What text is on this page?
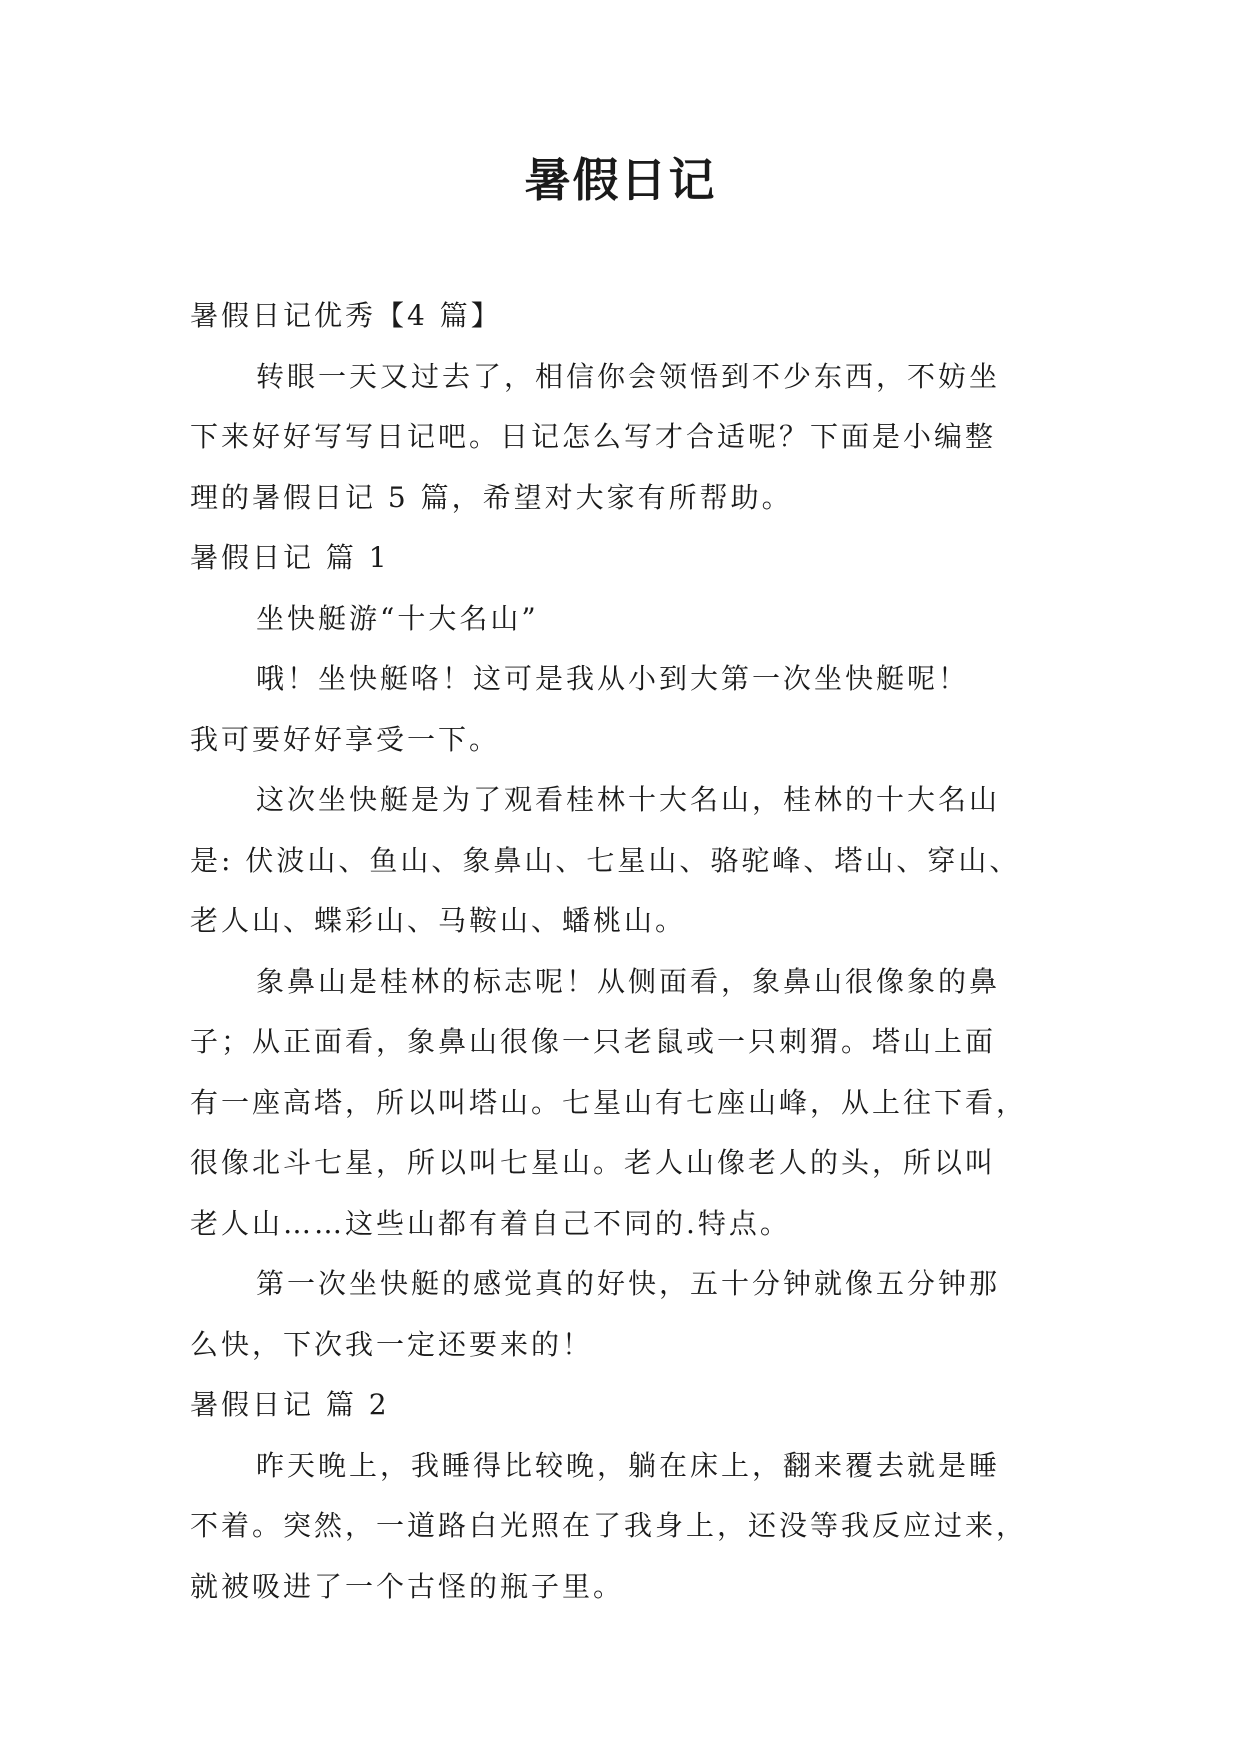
暑假日记
暑假日记优秀【4 篇】
转眼一天又过去了，相信你会领悟到不少东西，不妨坐
下来好好写写日记吧。日记怎么写才合适呢？下面是小编整
理的暑假日记 5 篇，希望对大家有所帮助。
暑假日记 篇 1
坐快艇游“十大名山”
哦！坐快艇咯！这可是我从小到大第一次坐快艇呢！
我可要好好享受一下。
这次坐快艇是为了观看桂林十大名山，桂林的十大名山
是: 伏波山、鱼山、象鼻山、七星山、骆驼峰、塔山、穿山、
老人山、蝶彩山、马鞍山、蟠桃山。
象鼻山是桂林的标志呢！从侧面看，象鼻山很像象的鼻
子；从正面看，象鼻山很像一只老鼠或一只刺猬。塔山上面
有一座高塔，所以叫塔山。七星山有七座山峰，从上往下看，
很像北斗七星，所以叫七星山。老人山像老人的头，所以叫
老人山……这些山都有着自己不同的.特点。
第一次坐快艇的感觉真的好快，五十分钟就像五分钟那
么快，下次我一定还要来的！
暑假日记 篇 2
昨天晚上，我睡得比较晚，躺在床上，翻来覆去就是睡
不着。突然，一道路白光照在了我身上，还没等我反应过来，
就被吸进了一个古怪的瓶子里。
